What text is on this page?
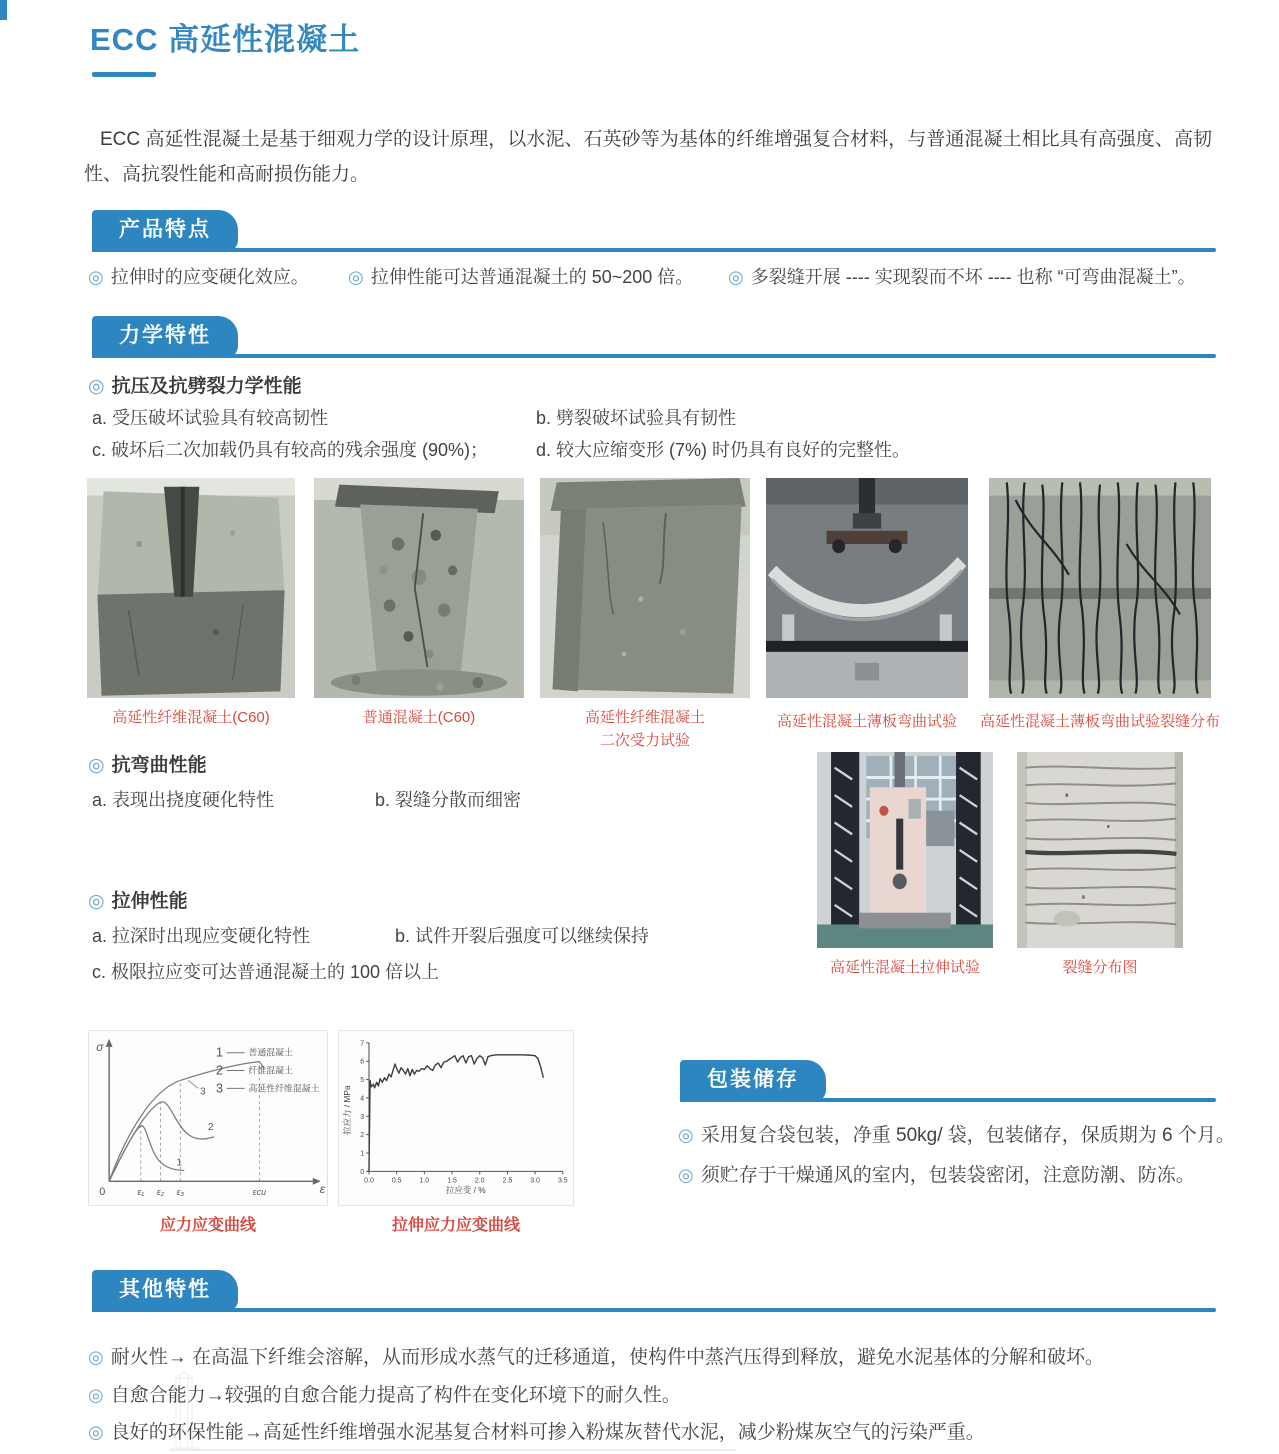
ECC 高延性混凝土

ECC 高延性混凝土是基于细观力学的设计原理，以水泥、石英砂等为基体的纤维增强复合材料，与普通混凝土相比具有高强度、高韧性、高抗裂性能和高耐损伤能力。

产品特点
◎ 拉伸时的应变硬化效应。 ◎ 拉伸性能可达普通混凝土的 50~200 倍。 ◎ 多裂缝开展 ---- 实现裂而不坏 ---- 也称 “可弯曲混凝土”。
力学特性
◎ 抗压及抗劈裂力学性能
a. 受压破坏试验具有较高韧性	b. 劈裂破坏试验具有韧性
c. 破坏后二次加载仍具有较高的残余强度 (90%)；	d. 较大应缩变形 (7%) 时仍具有良好的完整性。
高延性纤维混凝土(C60)	普通混凝土(C60)	高延性纤维混凝土
二次受力试验
高延性混凝土薄板弯曲试验	高延性混凝土薄板弯曲试验裂缝分布
◎ 抗弯曲性能
a. 表现出挠度硬化特性	b. 裂缝分散而细密
◎ 拉伸性能
a. 拉深时出现应变硬化特性	b. 试件开裂后强度可以继续保持
c. 极限拉应变可达普通混凝土的 100 倍以上	高延性混凝土拉伸试验	裂缝分布图
σ
ε
0	ε₁ ε₂ ε₃	εcu
1
2
3
1	普通混凝土
2	纤维混凝土
3	高延性纤维混凝土
0.0	0.5	1.0	1.5	2.0	2.5	3.0	3.5
0
1
2
3
4
5
6
7
拉应变 / %
拉应力 / MPa
应力应变曲线	拉伸应力应变曲线
包装储存
◎ 采用复合袋包装，净重 50kg/ 袋，包装储存，保质期为 6 个月。
◎ 须贮存于干燥通风的室内，包装袋密闭，注意防潮、防冻。
其他特性
◎ 耐火性→ 在高温下纤维会溶解，从而形成水蒸气的迁移通道，使构件中蒸汽压得到释放，避免水泥基体的分解和破坏。
◎ 自愈合能力→较强的自愈合能力提高了构件在变化环境下的耐久性。
◎ 良好的环保性能→高延性纤维增强水泥基复合材料可掺入粉煤灰替代水泥，减少粉煤灰空气的污染严重。
